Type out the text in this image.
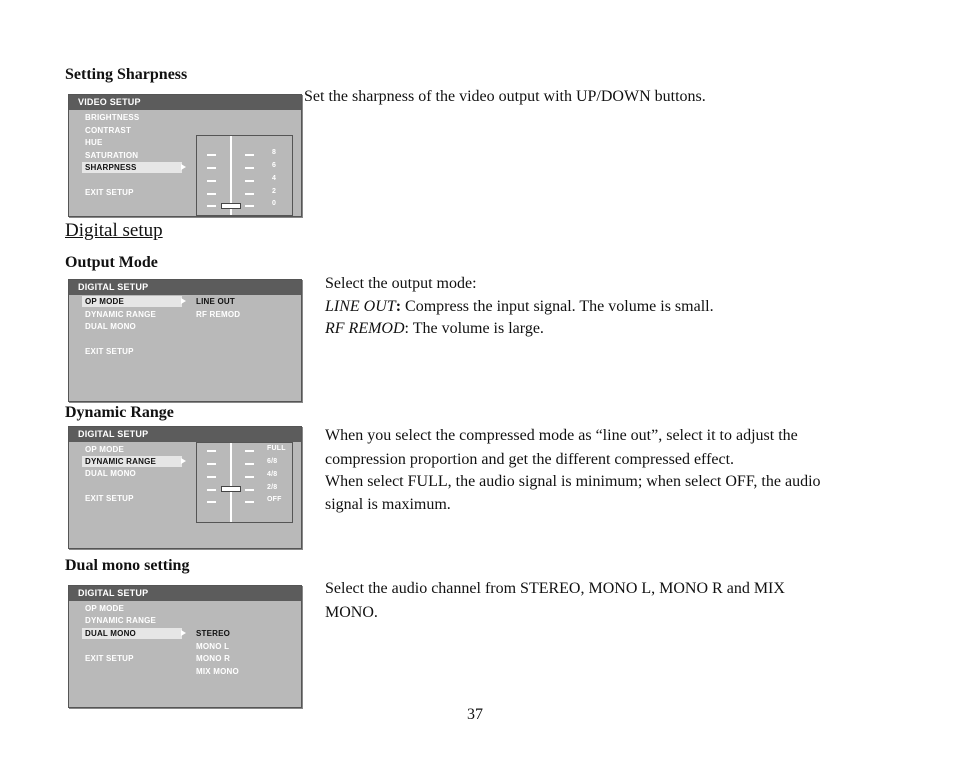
Setting Sharpness
VIDEO SETUP
BRIGHTNESS
CONTRAST
HUE
SATURATION
SHARPNESS
EXIT SETUP
8
6
4
2
0
Set the sharpness of the video output with UP/DOWN buttons.
Digital setup
Output Mode
DIGITAL SETUP
OP MODE
DYNAMIC RANGE
DUAL MONO
EXIT SETUP
LINE OUT
RF REMOD
Select the output mode:
LINE OUT: Compress the input signal. The volume is small.
RF REMOD: The volume is large.
Dynamic Range
DIGITAL SETUP
OP MODE
DYNAMIC RANGE
DUAL MONO
EXIT SETUP
FULL
6/8
4/8
2/8
OFF
When you select the compressed mode as “line out”, select it to adjust the
compression proportion and get the different compressed effect.
When select FULL, the audio signal is minimum; when select OFF, the audio
signal is maximum.
Dual mono setting
DIGITAL SETUP
OP MODE
DYNAMIC RANGE
DUAL MONO
EXIT SETUP
STEREO
MONO L
MONO R
MIX MONO
Select the audio channel from STEREO, MONO L, MONO R and MIX
MONO.
37
